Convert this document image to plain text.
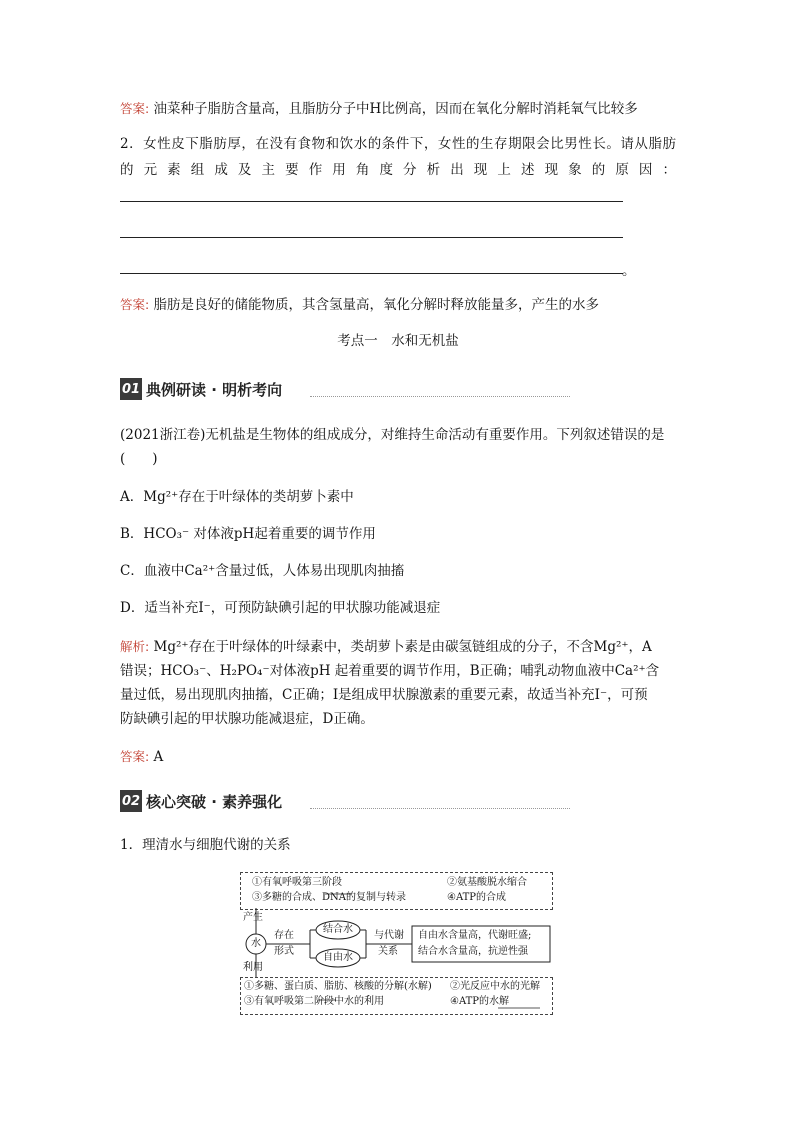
答案: 油菜种子脂肪含量高，且脂肪分子中H比例高，因而在氧化分解时消耗氧气比较多
2．女性皮下脂肪厚，在没有食物和饮水的条件下，女性的生存期限会比男性长。请从脂肪
的元素组成及主要作用角度分析出现上述现象的原因：
。
答案: 脂肪是良好的储能物质，其含氢量高，氧化分解时释放能量多，产生的水多
考点一　水和无机盐
01 典例研读 · 明析考向
(2021浙江卷)无机盐是生物体的组成成分，对维持生命活动有重要作用。下列叙述错误的是
(　　)
A．Mg²⁺存在于叶绿体的类胡萝卜素中
B．HCO₃⁻ 对体液pH起着重要的调节作用
C．血液中Ca²⁺含量过低，人体易出现肌肉抽搐
D．适当补充I⁻，可预防缺碘引起的甲状腺功能减退症
解析: Mg²⁺存在于叶绿体的叶绿素中，类胡萝卜素是由碳氢链组成的分子，不含Mg²⁺，A
错误；HCO₃⁻、H₂PO₄⁻对体液pH 起着重要的调节作用，B正确；哺乳动物血液中Ca²⁺含
量过低，易出现肌肉抽搐，C正确；I是组成甲状腺激素的重要元素，故适当补充I⁻，可预
防缺碘引起的甲状腺功能减退症，D正确。
答案: A
02 核心突破 · 素养强化
1．理清水与细胞代谢的关系
①有氧呼吸第三阶段
③多糖的合成、DNA的复制与转录
②氨基酸脱水缩合
④ATP的合成
产生
水
利用
存在
形式
结合水
自由水
与代谢
关系
自由水含量高，代谢旺盛;
结合水含量高，抗逆性强
①多糖、蛋白质、脂肪、核酸的分解(水解)
③有氧呼吸第二阶段中水的利用
②光反应中水的光解
④ATP的水解
